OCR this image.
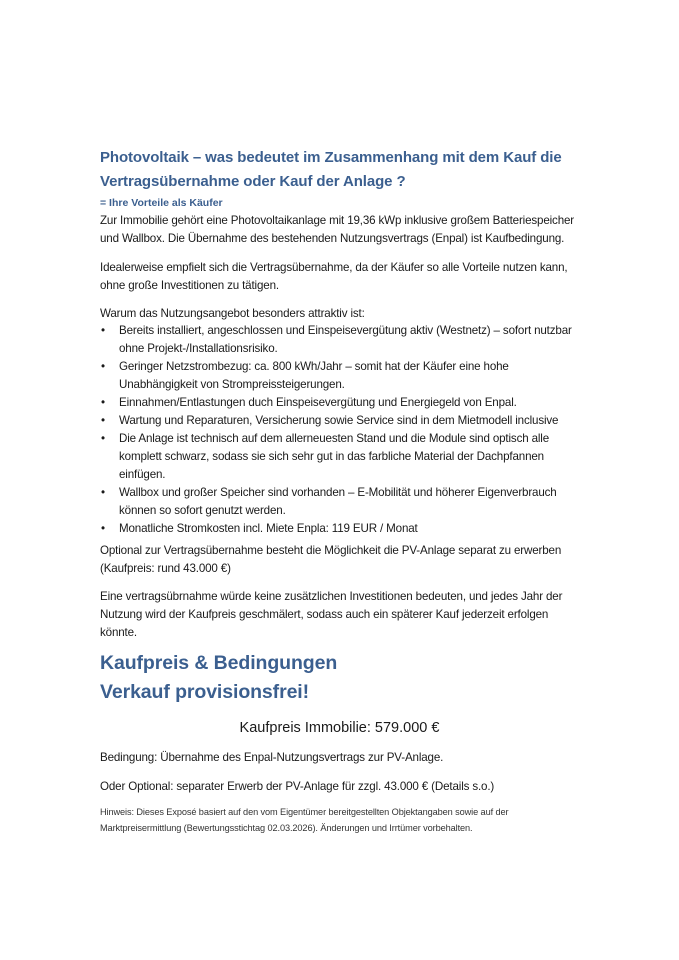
Photovoltaik – was bedeutet im Zusammenhang mit dem Kauf die
Vertragsübernahme oder Kauf der Anlage ?
= Ihre Vorteile als Käufer
Zur Immobilie gehört eine Photovoltaikanlage mit 19,36 kWp inklusive großem Batteriespeicher
und Wallbox. Die Übernahme des bestehenden Nutzungsvertrags (Enpal) ist Kaufbedingung.
Idealerweise empfielt sich die Vertragsübernahme, da der Käufer so alle Vorteile nutzen kann,
ohne große Investitionen zu tätigen.
Warum das Nutzungsangebot besonders attraktiv ist:
• Bereits installiert, angeschlossen und Einspeisevergütung aktiv (Westnetz) – sofort nutzbar
ohne Projekt-/Installationsrisiko.
• Geringer Netzstrombezug: ca. 800 kWh/Jahr – somit hat der Käufer eine hohe
Unabhängigkeit von Strompreissteigerungen.
• Einnahmen/Entlastungen duch Einspeisevergütung und Energiegeld von Enpal.
• Wartung und Reparaturen, Versicherung sowie Service sind in dem Mietmodell inclusive
• Die Anlage ist technisch auf dem allerneuesten Stand und die Module sind optisch alle
komplett schwarz, sodass sie sich sehr gut in das farbliche Material der Dachpfannen
einfügen.
• Wallbox und großer Speicher sind vorhanden – E-Mobilität und höherer Eigenverbrauch
können so sofort genutzt werden.
• Monatliche Stromkosten incl. Miete Enpla: 119 EUR / Monat
Optional zur Vertragsübernahme besteht die Möglichkeit die PV-Anlage separat zu erwerben
(Kaufpreis: rund 43.000 €)
Eine vertragsübrnahme würde keine zusätzlichen Investitionen bedeuten, und jedes Jahr der
Nutzung wird der Kaufpreis geschmälert, sodass auch ein späterer Kauf jederzeit erfolgen
könnte.
Kaufpreis & Bedingungen
Verkauf provisionsfrei!
Kaufpreis Immobilie: 579.000 €
Bedingung: Übernahme des Enpal-Nutzungsvertrags zur PV-Anlage.
Oder Optional: separater Erwerb der PV-Anlage für zzgl. 43.000 € (Details s.o.)
Hinweis: Dieses Exposé basiert auf den vom Eigentümer bereitgestellten Objektangaben sowie auf der
Marktpreisermittlung (Bewertungsstichtag 02.03.2026). Änderungen und Irrtümer vorbehalten.
